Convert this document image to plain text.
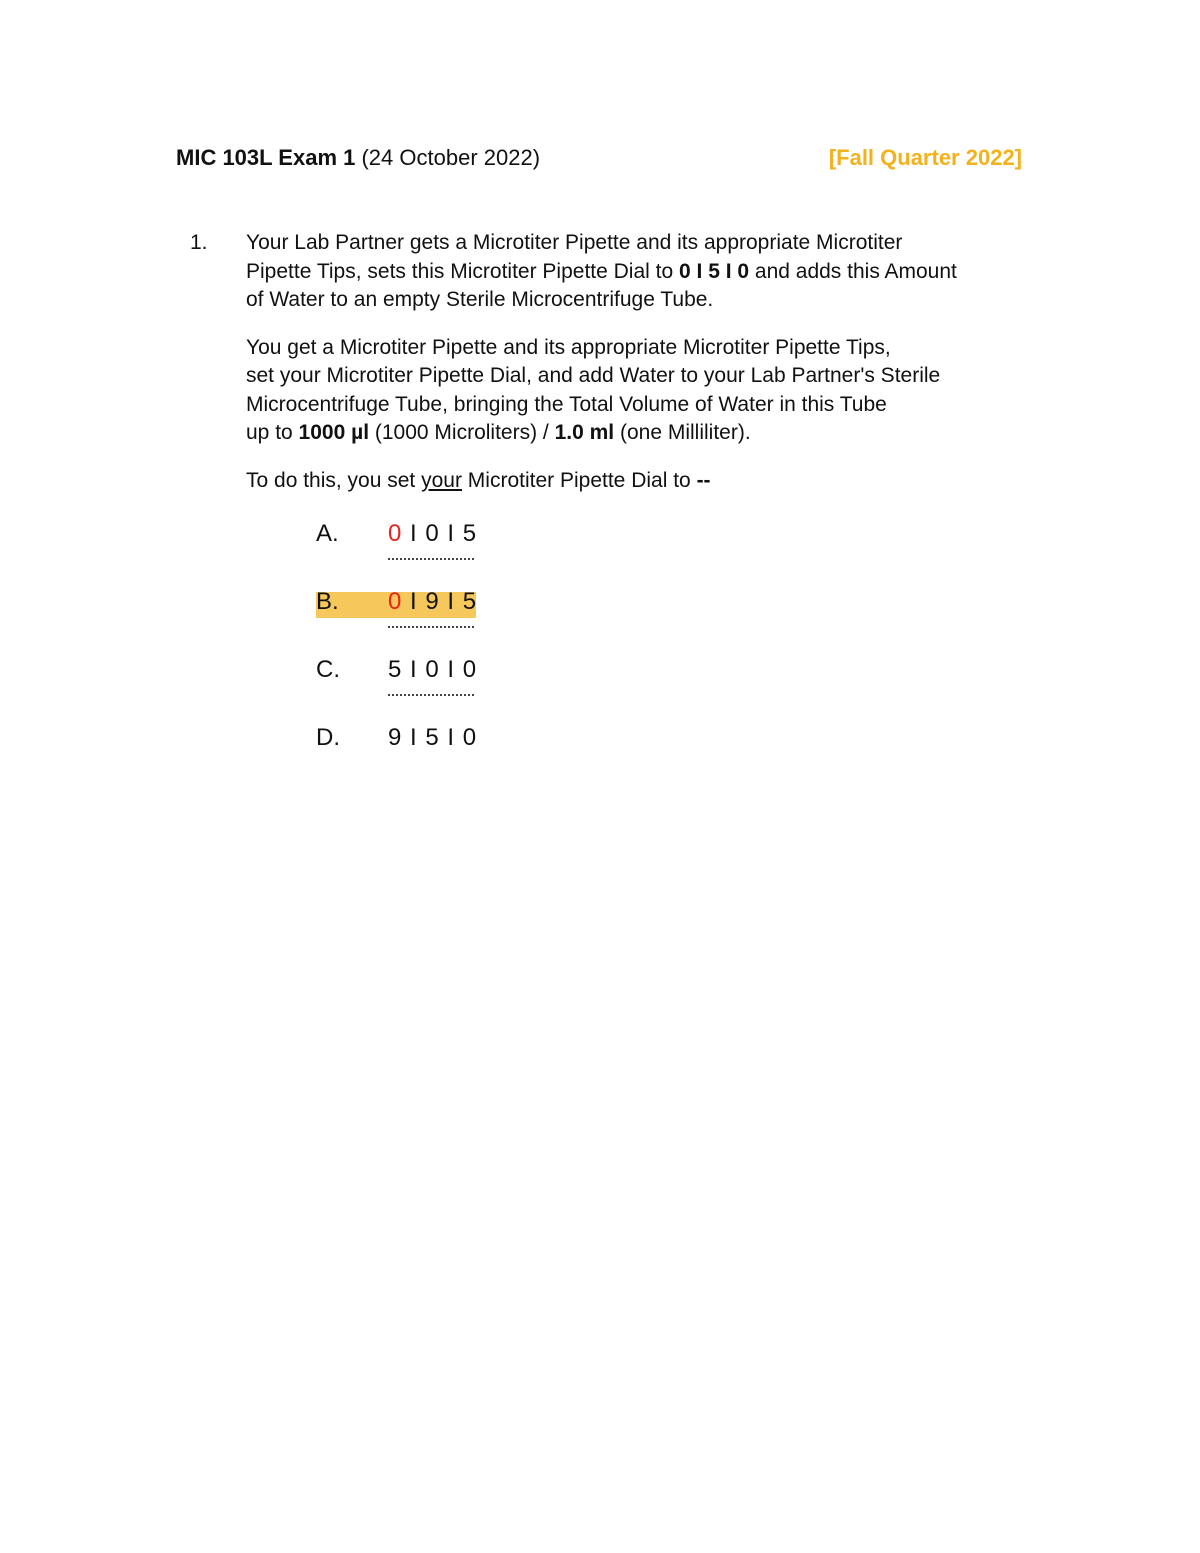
MIC 103L Exam 1 (24 October 2022)	[Fall Quarter 2022]
1. Your Lab Partner gets a Microtiter Pipette and its appropriate Microtiter
Pipette Tips, sets this Microtiter Pipette Dial to 0 I 5 I 0 and adds this Amount
of Water to an empty Sterile Microcentrifuge Tube.

You get a Microtiter Pipette and its appropriate Microtiter Pipette Tips,
set your Microtiter Pipette Dial, and add Water to your Lab Partner's Sterile
Microcentrifuge Tube, bringing the Total Volume of Water in this Tube
up to 1000 µl (1000 Microliters) / 1.0 ml (one Milliliter).

To do this, you set your Microtiter Pipette Dial to --

A.	0 I 0 I 5
B.	0 I 9 I 5
C.	5 I 0 I 0
D.	9 I 5 I 0
